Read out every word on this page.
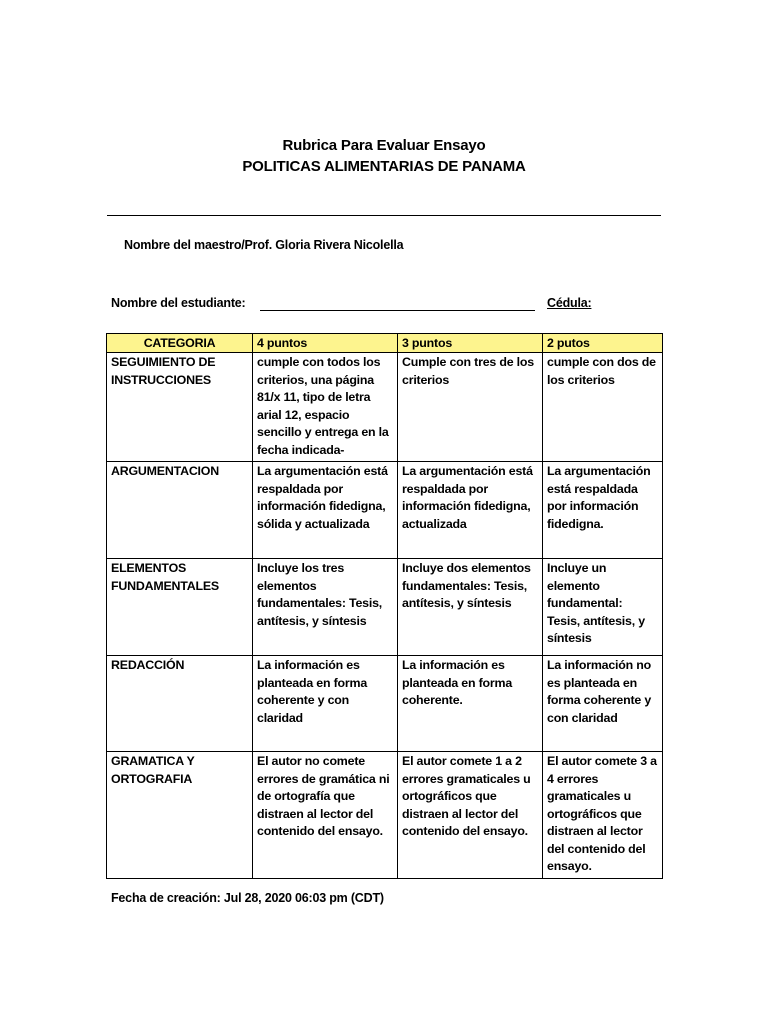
Rubrica Para Evaluar Ensayo
POLITICAS ALIMENTARIAS DE PANAMA
Nombre del maestro/Prof. Gloria Rivera Nicolella
Nombre del estudiante:	Cédula:
CATEGORIA	4 puntos	3 puntos	2 putos
SEGUIMIENTO DE INSTRUCCIONES	cumple con todos los criterios, una página 81/x 11, tipo de letra arial 12, espacio sencillo y entrega en la fecha indicada-	Cumple con tres de los criterios	cumple con dos de los criterios
ARGUMENTACION	La argumentación está respaldada por información fidedigna, sólida y actualizada	La argumentación está respaldada por información fidedigna, actualizada	La argumentación está respaldada por información fidedigna.
ELEMENTOS FUNDAMENTALES	Incluye los tres elementos fundamentales: Tesis, antítesis, y síntesis	Incluye dos elementos fundamentales: Tesis, antítesis, y síntesis	Incluye un elemento fundamental: Tesis, antítesis, y síntesis
REDACCIÓN	La información es planteada en forma coherente y con claridad	La información es planteada en forma coherente.	La información no es planteada en forma coherente y con claridad
GRAMATICA Y ORTOGRAFIA	El autor no comete errores de gramática ni de ortografía que distraen al lector del contenido del ensayo.	El autor comete 1 a 2 errores gramaticales u ortográficos que distraen al lector del contenido del ensayo.	El autor comete 3 a 4 errores gramaticales u ortográficos que distraen al lector del contenido del ensayo.
Fecha de creación: Jul 28, 2020 06:03 pm (CDT)
